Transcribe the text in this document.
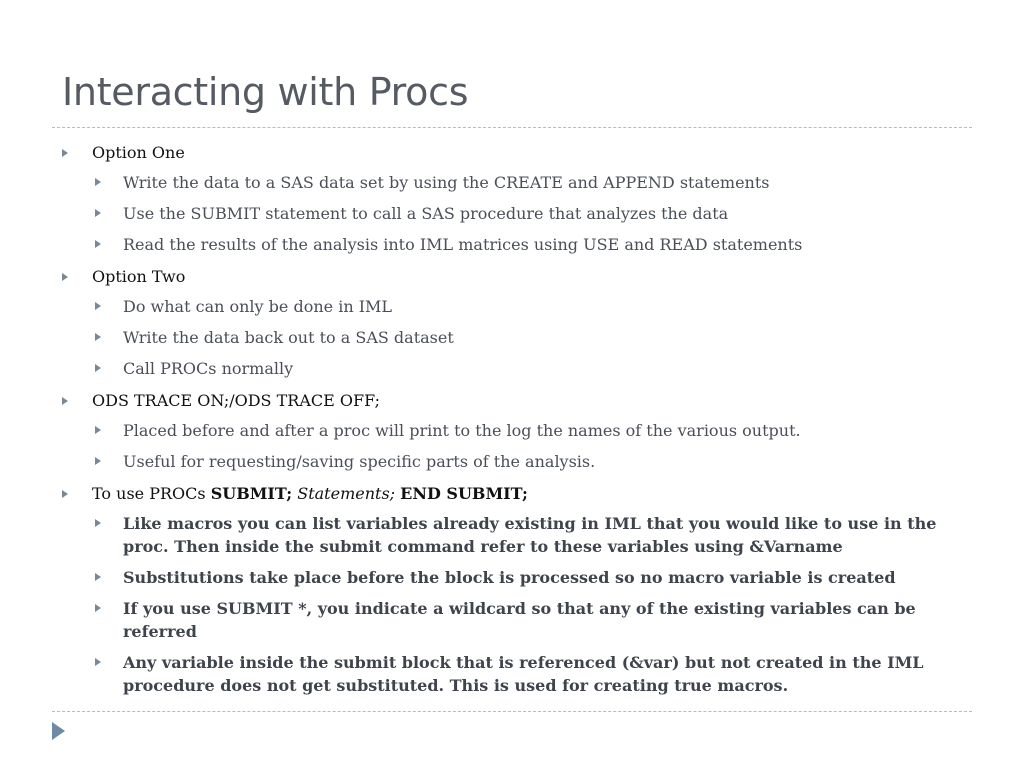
Interacting with Procs
Option One
Write the data to a SAS data set by using the CREATE and APPEND statements
Use the SUBMIT statement to call a SAS procedure that analyzes the data
Read the results of the analysis into IML matrices using USE and READ statements
Option Two
Do what can only be done in IML
Write the data back out to a SAS dataset
Call PROCs normally
ODS TRACE ON;/ODS TRACE OFF;
Placed before and after a proc will print to the log the names of the various output.
Useful for requesting/saving specific parts of the analysis.
To use PROCs SUBMIT; Statements; END SUBMIT;
Like macros you can list variables already existing in IML that you would like to use in the proc. Then inside the submit command refer to these variables using &Varname
Substitutions take place before the block is processed so no macro variable is created
If you use SUBMIT *, you indicate a wildcard so that any of the existing variables can be referred
Any variable inside the submit block that is referenced (&var) but not created in the IML procedure does not get substituted. This is used for creating true macros.
